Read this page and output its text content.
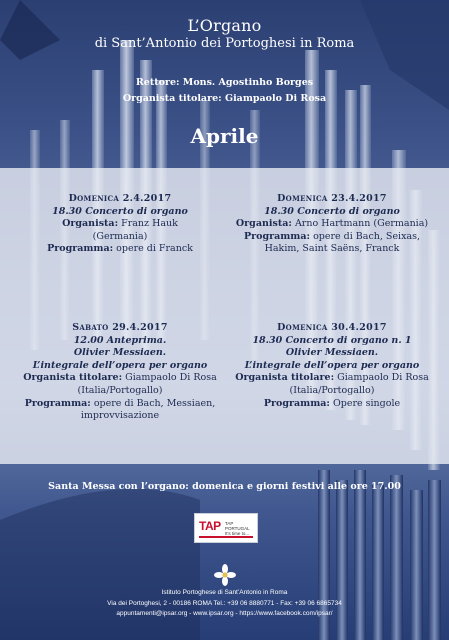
L’Organo
di Sant’Antonio dei Portoghesi in Roma
Rettore: Mons. Agostinho Borges
Organista titolare: Giampaolo Di Rosa
Aprile
Domenica 2.4.2017
18.30 Concerto di organo
Organista: Franz Hauk
(Germania)
Programma: opere di Franck
Domenica 23.4.2017
18.30 Concerto di organo
Organista: Arno Hartmann (Germania)
Programma: opere di Bach, Seixas, Hakim, Saint Saëns, Franck
Sabato 29.4.2017
12.00 Anteprima.
Olivier Messiaen.
L’integrale dell’opera per organo
Organista titolare: Giampaolo Di Rosa
(Italia/Portogallo)
Programma: opere di Bach, Messiaen, improvvisazione
Domenica 30.4.2017
18.30 Concerto di organo n. 1
Olivier Messiaen.
L’integrale dell’opera per organo
Organista titolare: Giampaolo Di Rosa
(Italia/Portogallo)
Programma: Opere singole
Santa Messa con l’organo: domenica e giorni festivi alle ore 17.00
TAP TAP PORTUGAL
It's time to...
Istituto Portoghese di Sant’Antonio in Roma
Via dei Portoghesi, 2 - 00186 ROMA Tel.: +39 06 8880771 - Fax: +39 06 6865734
appuntamenti@ipsar.org - www.ipsar.org - https://www.facebook.com/ipsar/
